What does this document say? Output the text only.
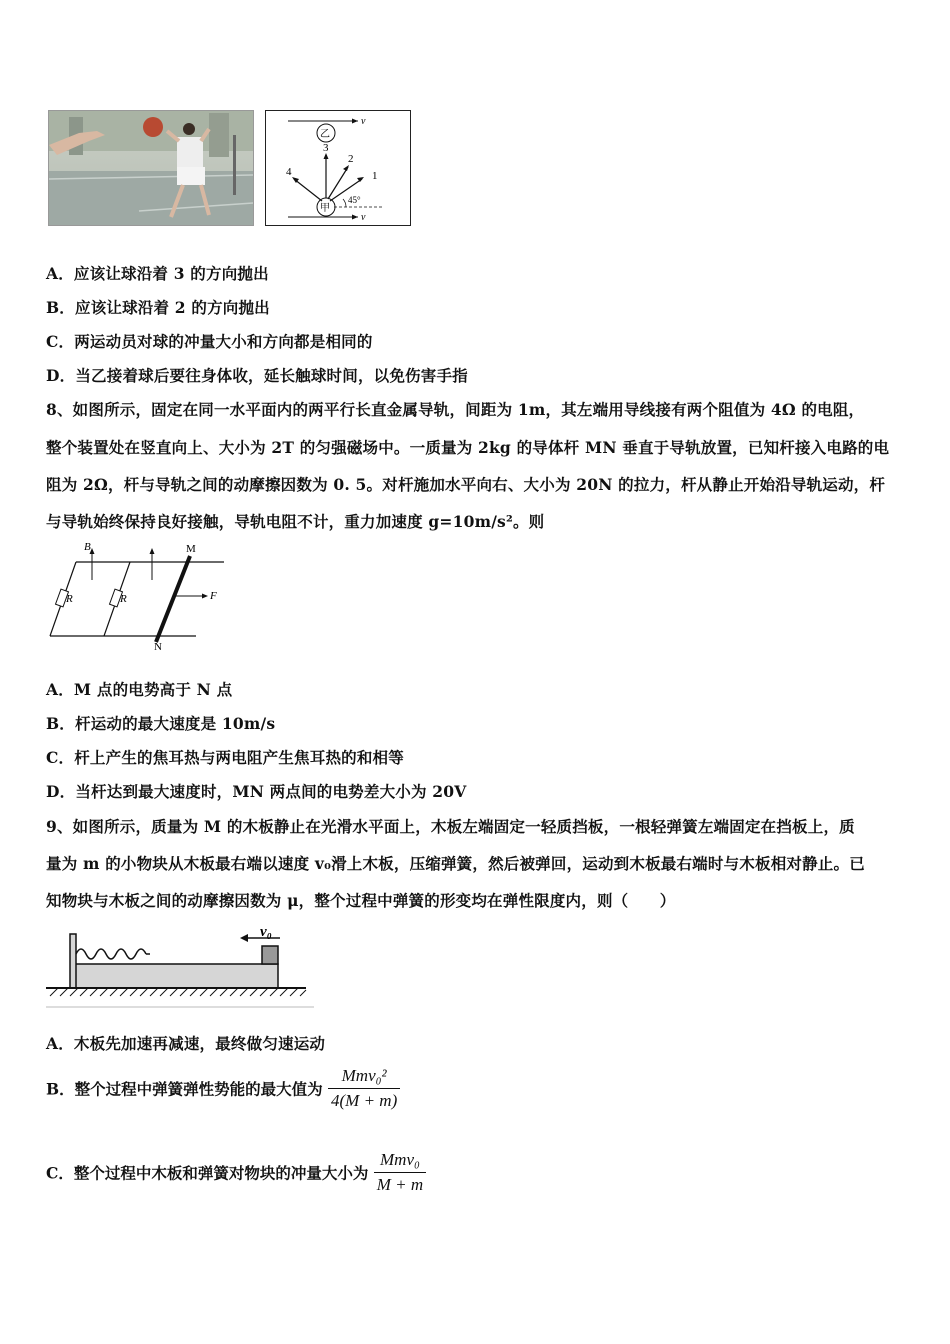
v
乙
甲
v
3
2
1
4
45°
A．应该让球沿着 3 的方向抛出
B．应该让球沿着 2 的方向抛出
C．两运动员对球的冲量大小和方向都是相同的
D．当乙接着球后要往身体收，延长触球时间，以免伤害手指
8、如图所示，固定在同一水平面内的两平行长直金属导轨，间距为 1m，其左端用导线接有两个阻值为 4Ω 的电阻，
整个装置处在竖直向上、大小为 2T 的匀强磁场中。一质量为 2kg 的导体杆 MN 垂直于导轨放置，已知杆接入电路的电
阻为 2Ω，杆与导轨之间的动摩擦因数为 0. 5。对杆施加水平向右、大小为 20N 的拉力，杆从静止开始沿导轨运动，杆
与导轨始终保持良好接触，导轨电阻不计，重力加速度 g=10m/s²。则
R	R
B	M
N
F
A．M 点的电势高于 N 点
B．杆运动的最大速度是 10m/s
C．杆上产生的焦耳热与两电阻产生焦耳热的和相等
D．当杆达到最大速度时，MN 两点间的电势差大小为 20V
9、如图所示，质量为 M 的木板静止在光滑水平面上，木板左端固定一轻质挡板，一根轻弹簧左端固定在挡板上，质
量为 m 的小物块从木板最右端以速度 v₀滑上木板，压缩弹簧，然后被弹回，运动到木板最右端时与木板相对静止。已
知物块与木板之间的动摩擦因数为 μ，整个过程中弹簧的形变均在弹性限度内，则（　　）
v₀
A．木板先加速再减速，最终做匀速运动
B．整个过程中弹簧弹性势能的最大值为 $\frac{\text{Mmv₀²}}{4(M + m)}$
C．整个过程中木板和弹簧对物块的冲量大小为 $\frac{\text{Mmv₀}}{M + m}$
